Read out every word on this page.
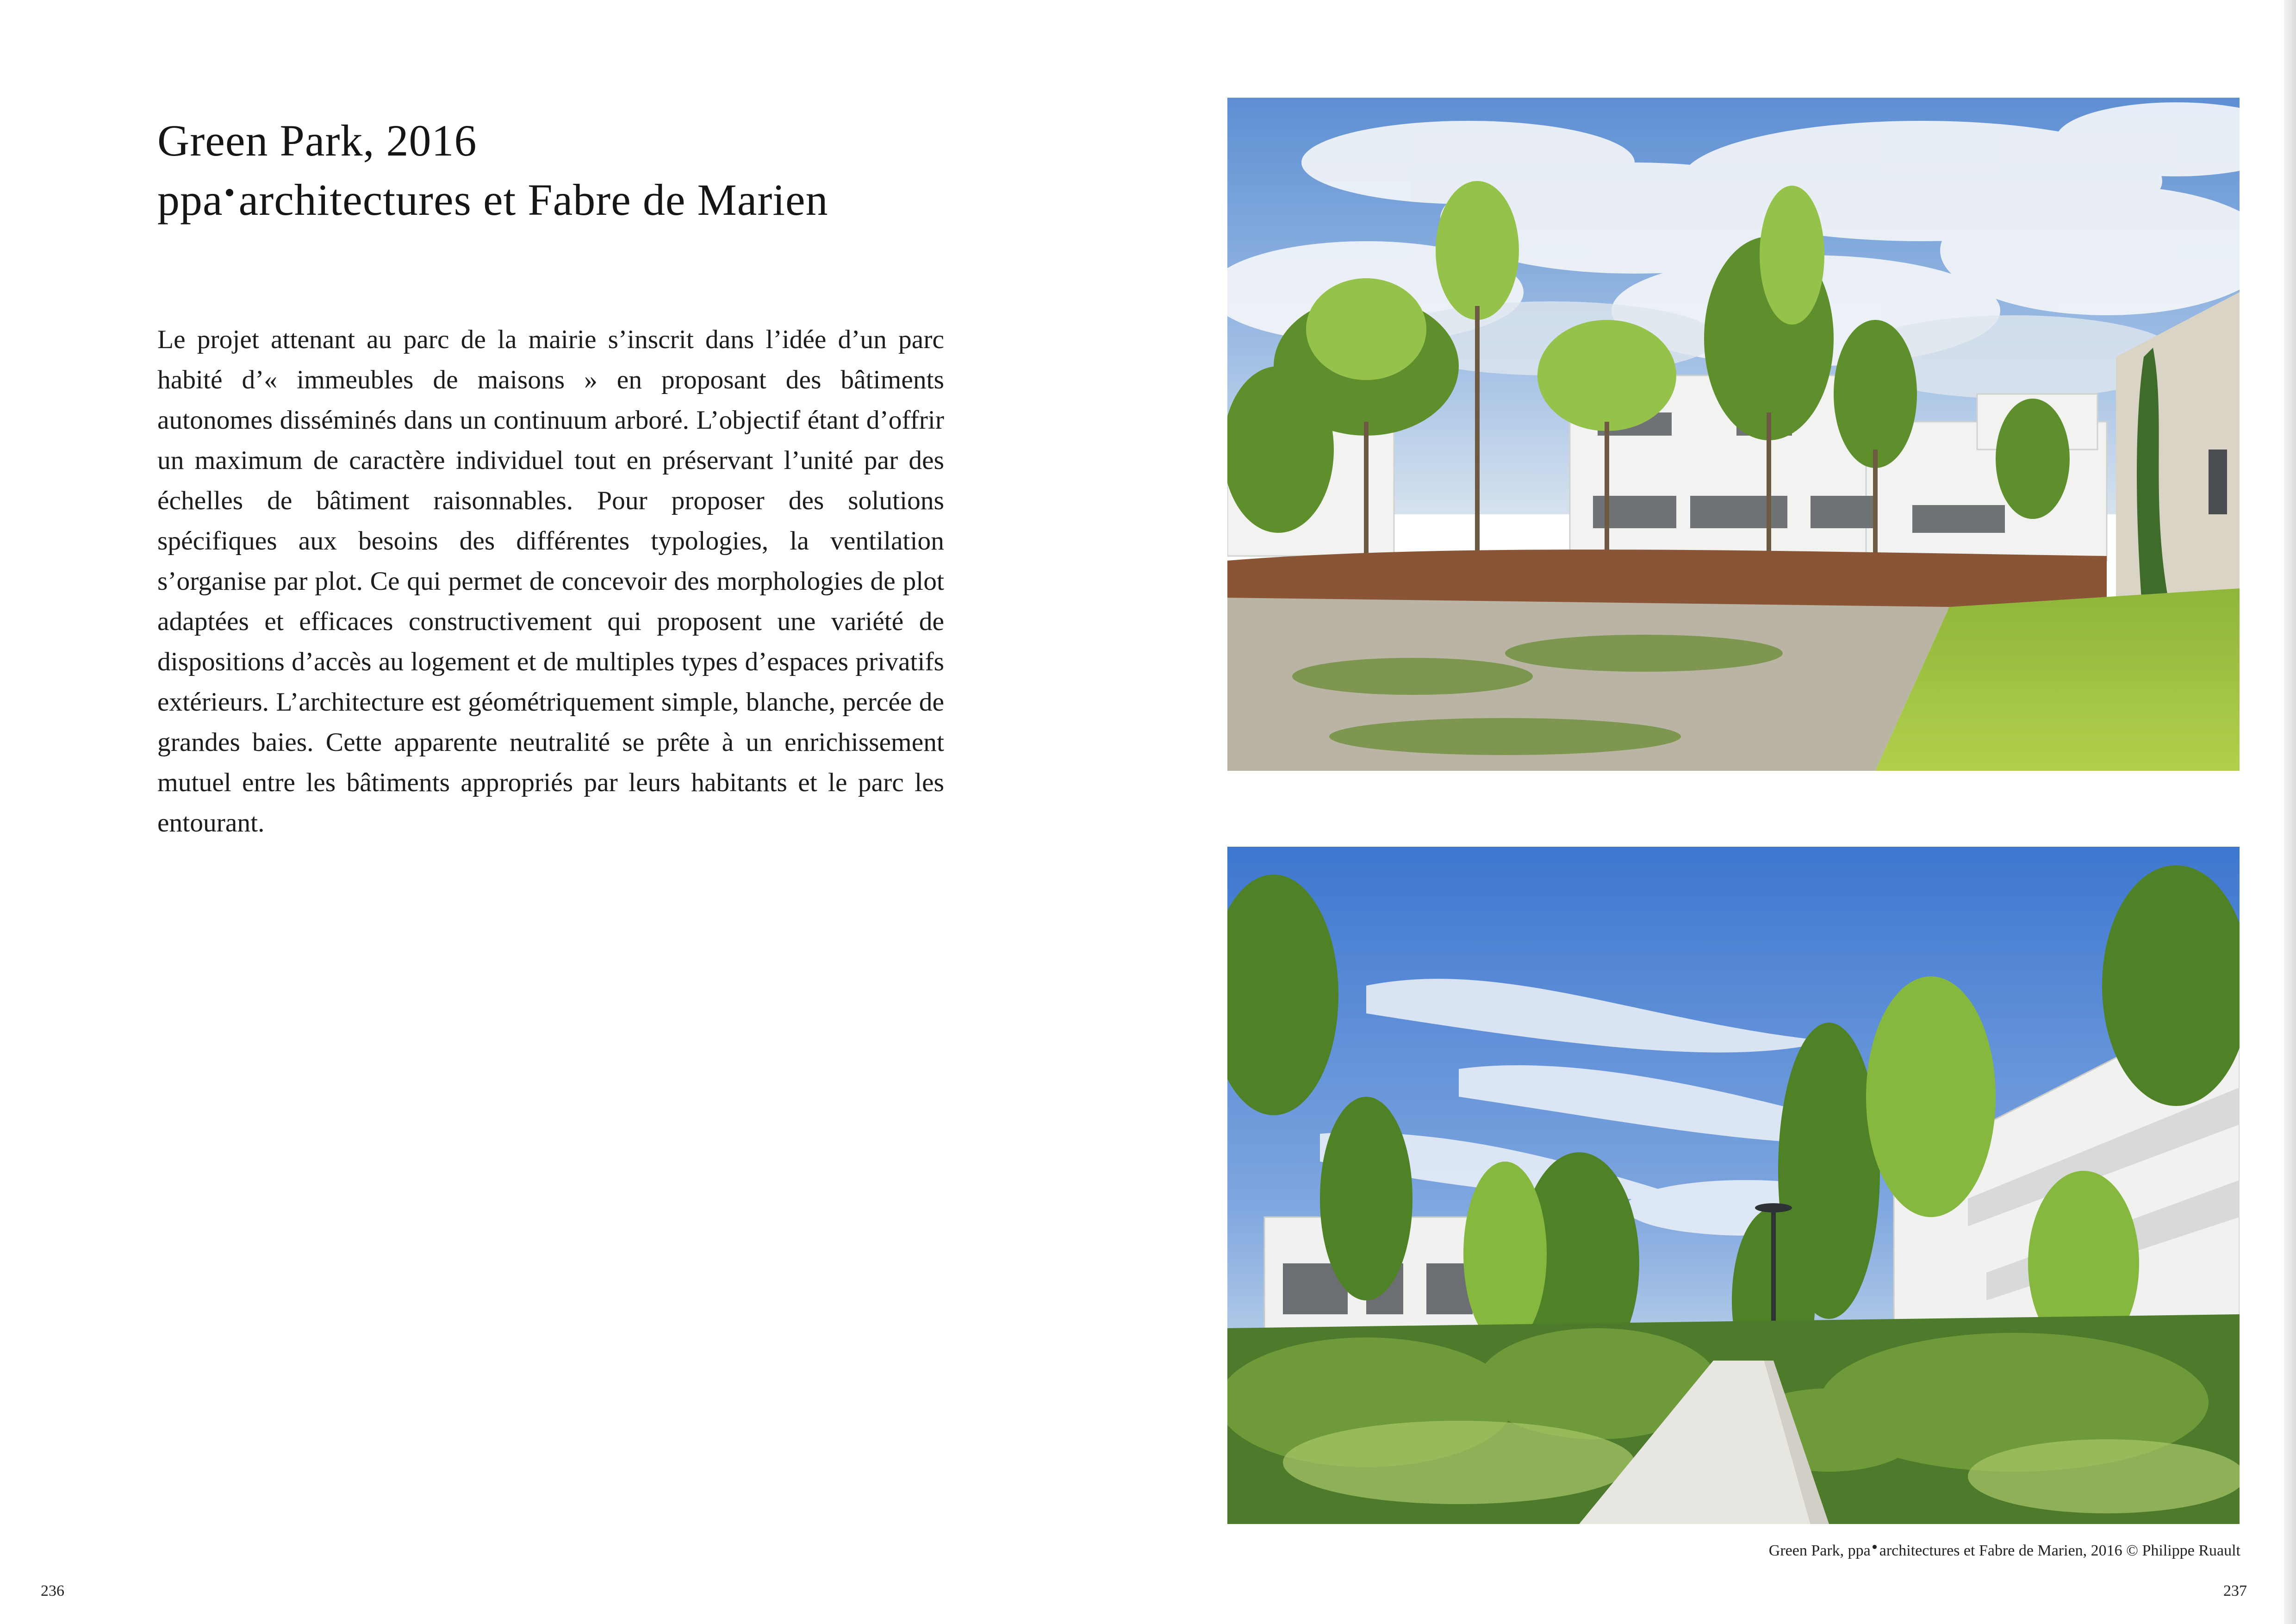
Green Park, 2016
ppa architectures et Fabre de Marien

Le projet attenant au parc de la mairie s’inscrit dans l’idée d’un parc habité d’« immeubles de maisons » en proposant des bâtiments autonomes disséminés dans un continuum arboré. L’objectif étant d’offrir un maximum de caractère individuel tout en préservant l’unité par des échelles de bâtiment raisonnables. Pour proposer des solutions spécifiques aux besoins des différentes typologies, la ventilation s’organise par plot. Ce qui permet de concevoir des morphologies de plot adaptées et efficaces constructivement qui proposent une variété de dispositions d’accès au logement et de multiples types d’espaces privatifs extérieurs. L’architecture est géométriquement simple, blanche, percée de grandes baies. Cette apparente neutralité se prête à un enrichissement mutuel entre les bâtiments appropriés par leurs habitants et le parc les entourant.

236
Green Park, ppa architectures et Fabre de Marien, 2016 © Philippe Ruault
237
